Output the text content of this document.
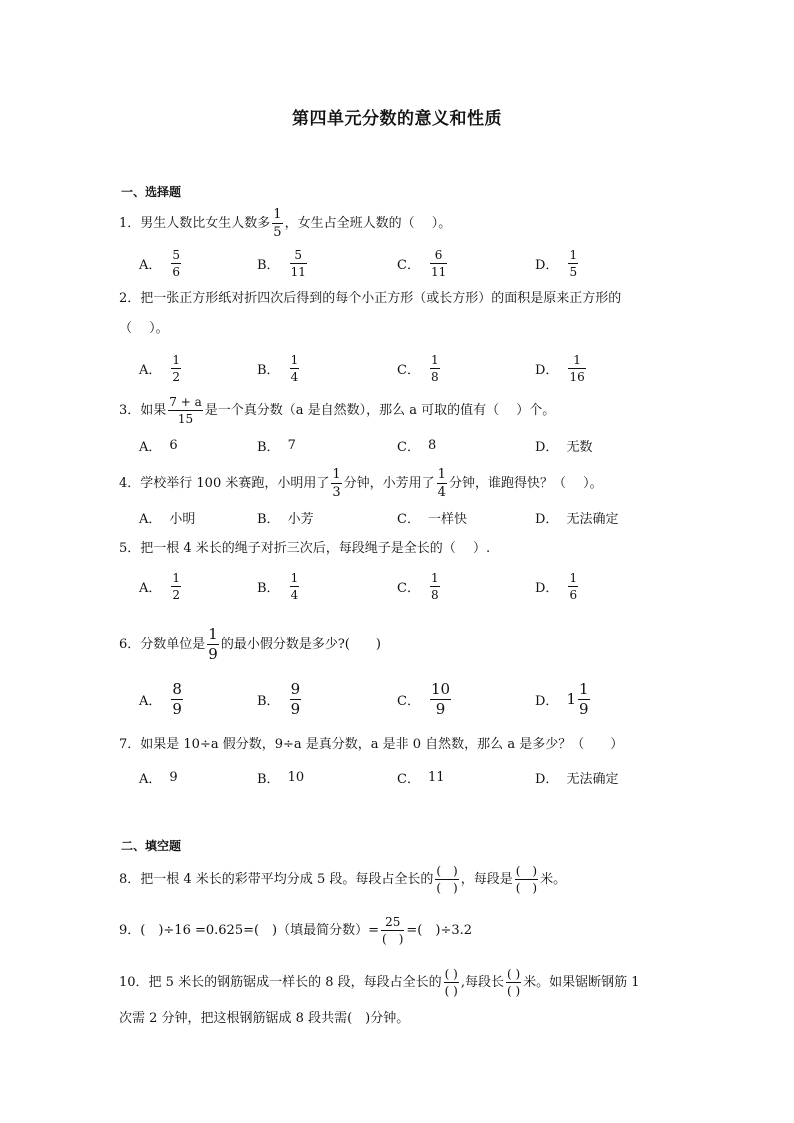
第四单元分数的意义和性质
一、选择题
1．男生人数比女生人数多 $\frac{1}{5}$ ，女生占全班人数的（　 ）。
A． $\frac{5}{6}$	B． $\frac{5}{11}$	C． $\frac{6}{11}$	D． $\frac{1}{5}$
2．把一张正方形纸对折四次后得到的每个小正方形（或长方形）的面积是原来正方形的
（　 ）。
A． $\frac{1}{2}$	B． $\frac{1}{4}$	C． $\frac{1}{8}$	D． $\frac{1}{16}$
3．如果 $\frac{7 + a}{15}$ 是一个真分数（a 是自然数），那么 a 可取的值有（　 ）个。
A． 6	B． 7	C． 8	D． 无数
4．学校举行 100 米赛跑，小明用了 $\frac{1}{3}$ 分钟，小芳用了 $\frac{1}{4}$ 分钟，谁跑得快？（　 ）。
A． 小明	B． 小芳	C． 一样快	D． 无法确定
5．把一根 4 米长的绳子对折三次后，每段绳子是全长的（　 ）.
A． $\frac{1}{2}$	B． $\frac{1}{4}$	C． $\frac{1}{8}$	D． $\frac{1}{6}$
6．分数单位是 $\frac{1}{9}$ 的最小假分数是多少?(　　)
A． $\frac{8}{9}$	B． $\frac{9}{9}$	C． $\frac{10}{9}$	D． $1 \frac{1}{9}$
7．如果是 10÷a 假分数，9÷a 是真分数，a 是非 0 自然数，那么 a 是多少？（　　）
A． 9	B． 10	C． 11	D． 无法确定
二、填空题
8．把一根 4 米长的彩带平均分成 5 段。每段占全长的 $\frac{( )}{( )}$ ，每段是 $\frac{( )}{( )}$ 米。
9．(　)÷16 =0.625=(　)（填最简分数）= $\frac{25}{( )}$ =(　)÷3.2
10．把 5 米长的钢筋锯成一样长的 8 段，每段占全长的 $\frac{( )}{( )}$ ,每段长 $\frac{( )}{( )}$ 米。如果锯断钢筋 1
次需 2 分钟，把这根钢筋锯成 8 段共需(　)分钟。
